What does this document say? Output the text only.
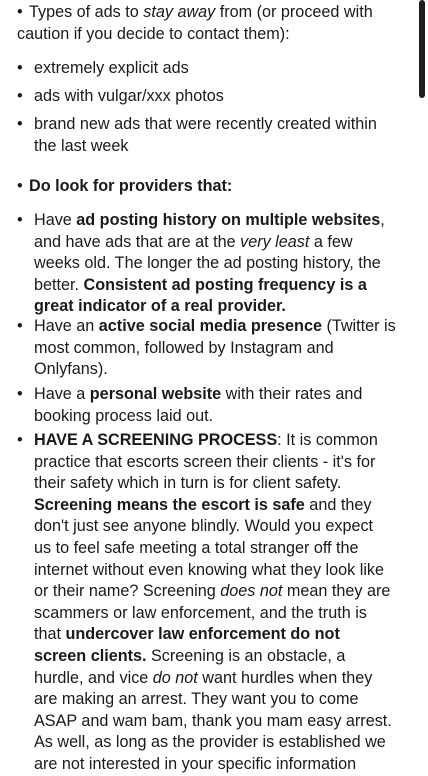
• Types of ads to stay away from (or proceed with
caution if you decide to contact them):
• extremely explicit ads
• ads with vulgar/xxx photos
• brand new ads that were recently created within
the last week
• Do look for providers that:
• Have ad posting history on multiple websites,
and have ads that are at the very least a few
weeks old. The longer the ad posting history, the
better. Consistent ad posting frequency is a
great indicator of a real provider.
• Have an active social media presence (Twitter is
most common, followed by Instagram and
Onlyfans).
• Have a personal website with their rates and
booking process laid out.
• HAVE A SCREENING PROCESS: It is common
practice that escorts screen their clients - it's for
their safety which in turn is for client safety.
Screening means the escort is safe and they
don't just see anyone blindly. Would you expect
us to feel safe meeting a total stranger off the
internet without even knowing what they look like
or their name? Screening does not mean they are
scammers or law enforcement, and the truth is
that undercover law enforcement do not
screen clients. Screening is an obstacle, a
hurdle, and vice do not want hurdles when they
are making an arrest. They want you to come
ASAP and wam bam, thank you mam easy arrest.
As well, as long as the provider is established we
are not interested in your specific information
